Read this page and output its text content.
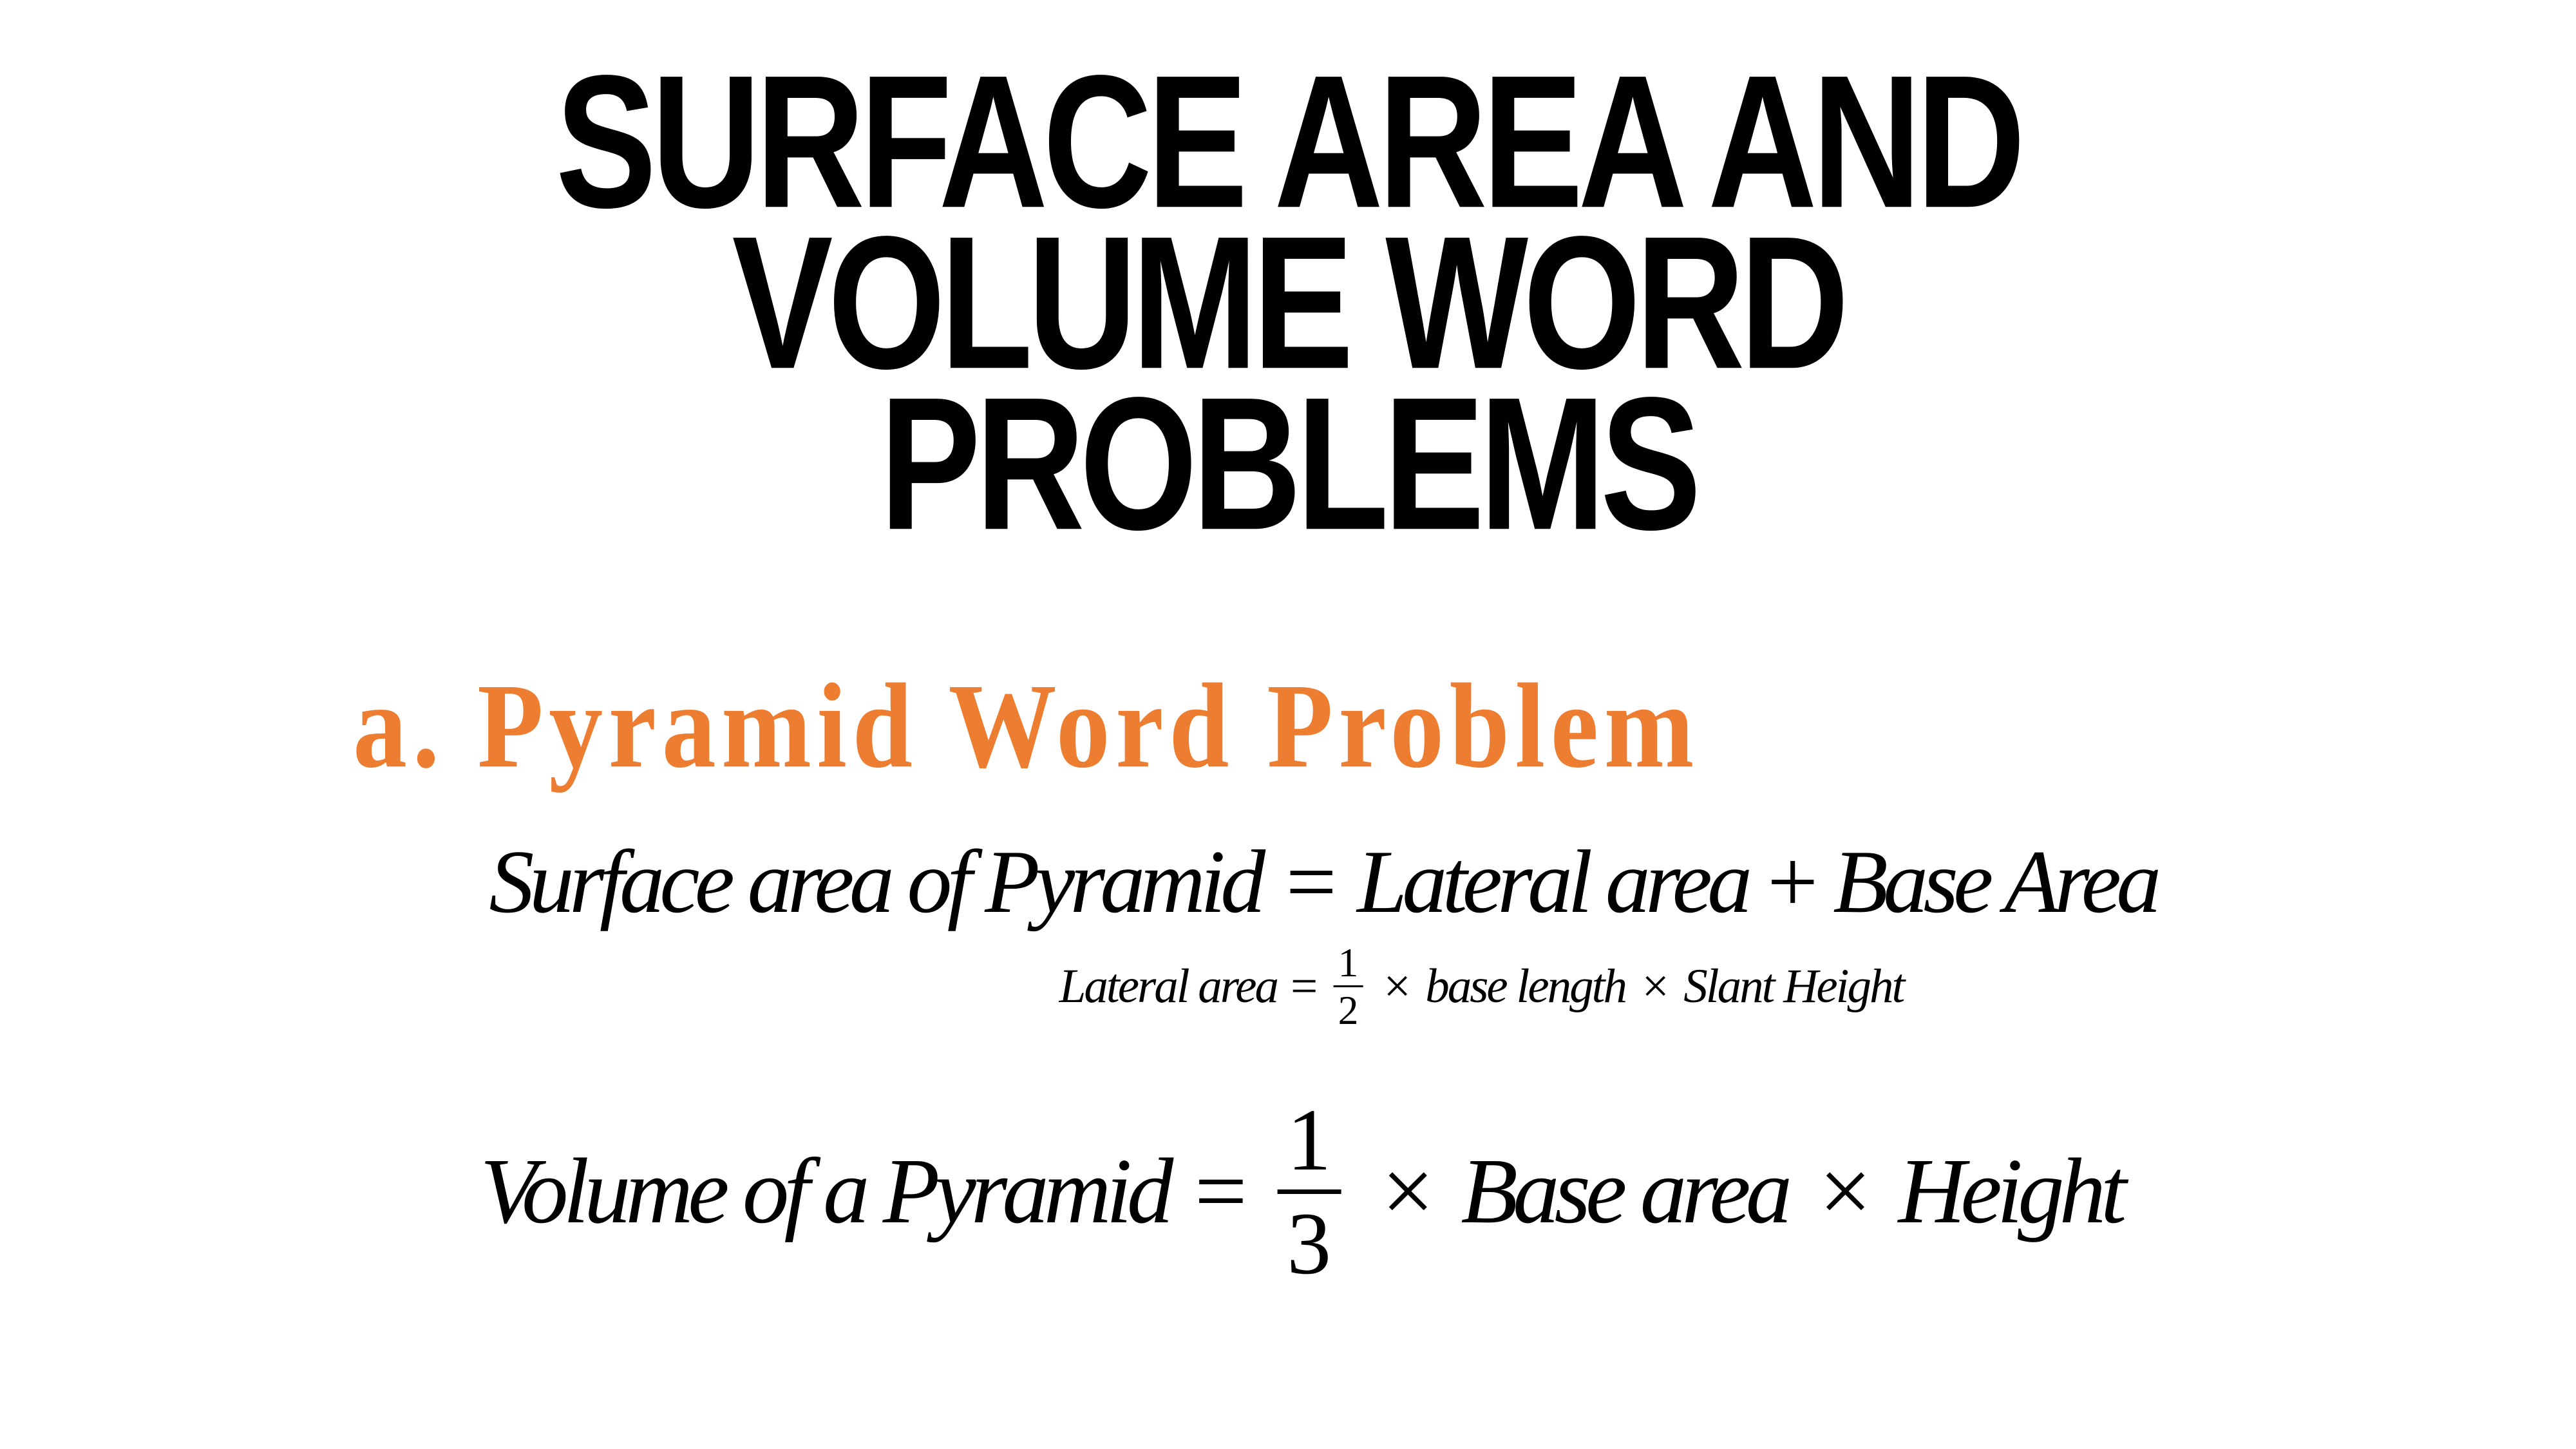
SURFACE AREA AND
VOLUME WORD
PROBLEMS
a. Pyramid Word Problem
Surface area of Pyramid = Lateral area + Base Area
Lateral area = $\frac{1}{2}$ × base length × Slant Height
Volume of a Pyramid =
1
3
× Base area × Height
